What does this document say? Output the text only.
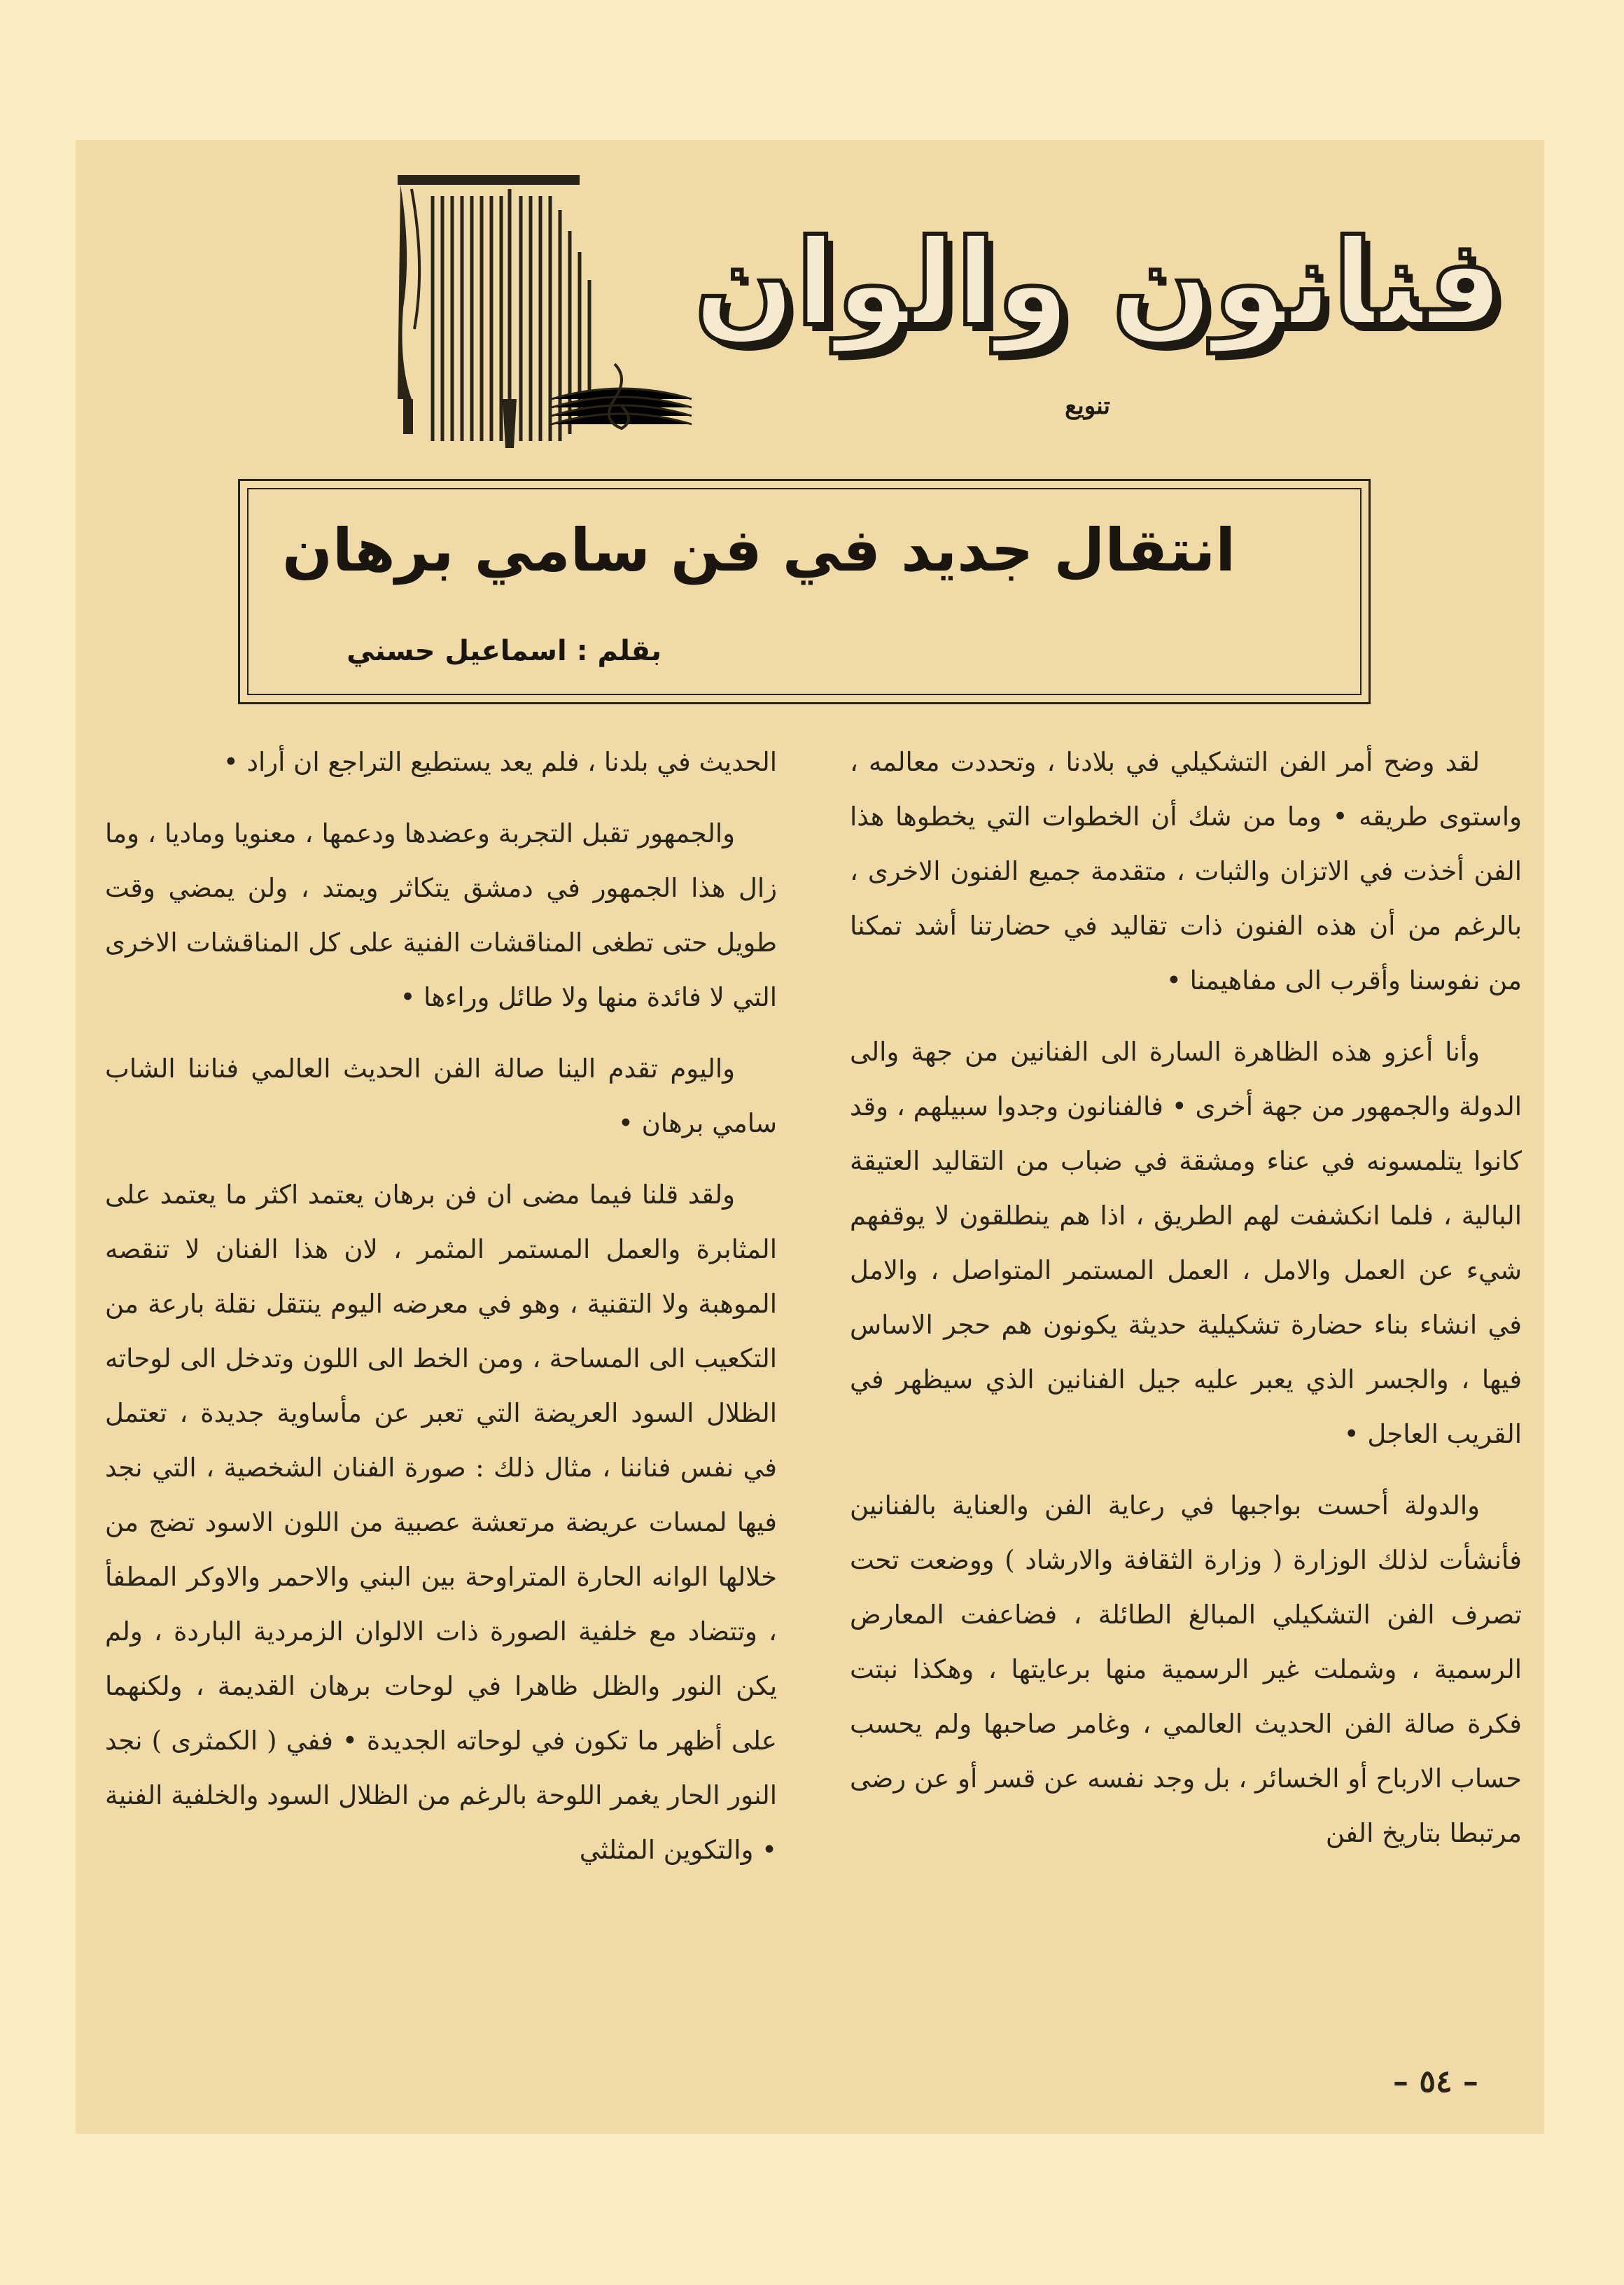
فنانون والوان
تنويع
انتقال جديد في فن سامي برهان
بقلم : اسماعيل حسني

لقد وضح أمر الفن التشكيلي في بلادنا ، وتحددت معالمه ، واستوى طريقه • وما من شك أن الخطوات التي يخطوها هذا الفن أخذت في الاتزان والثبات ، متقدمة جميع الفنون الاخرى ، بالرغم من أن هذه الفنون ذات تقاليد في حضارتنا أشد تمكنا من نفوسنا وأقرب الى مفاهيمنا •

وأنا أعزو هذه الظاهرة السارة الى الفنانين من جهة والى الدولة والجمهور من جهة أخرى • فالفنانون وجدوا سبيلهم ، وقد كانوا يتلمسونه في عناء ومشقة في ضباب من التقاليد العتيقة البالية ، فلما انكشفت لهم الطريق ، اذا هم ينطلقون لا يوقفهم شيء عن العمل والامل ، العمل المستمر المتواصل ، والامل في انشاء بناء حضارة تشكيلية حديثة يكونون هم حجر الاساس فيها ، والجسر الذي يعبر عليه جيل الفنانين الذي سيظهر في القريب العاجل •

والدولة أحست بواجبها في رعاية الفن والعناية بالفنانين فأنشأت لذلك الوزارة ( وزارة الثقافة والارشاد ) ووضعت تحت تصرف الفن التشكيلي المبالغ الطائلة ، فضاعفت المعارض الرسمية ، وشملت غير الرسمية منها برعايتها ، وهكذا نبتت فكرة صالة الفن الحديث العالمي ، وغامر صاحبها ولم يحسب حساب الارباح أو الخسائر ، بل وجد نفسه عن قسر أو عن رضى مرتبطا بتاريخ الفن

الحديث في بلدنا ، فلم يعد يستطيع التراجع ان أراد •

والجمهور تقبل التجربة وعضدها ودعمها ، معنويا وماديا ، وما زال هذا الجمهور في دمشق يتكاثر ويمتد ، ولن يمضي وقت طويل حتى تطغى المناقشات الفنية على كل المناقشات الاخرى التي لا فائدة منها ولا طائل وراءها •

واليوم تقدم الينا صالة الفن الحديث العالمي فناننا الشاب سامي برهان •

ولقد قلنا فيما مضى ان فن برهان يعتمد اكثر ما يعتمد على المثابرة والعمل المستمر المثمر ، لان هذا الفنان لا تنقصه الموهبة ولا التقنية ، وهو في معرضه اليوم ينتقل نقلة بارعة من التكعيب الى المساحة ، ومن الخط الى اللون وتدخل الى لوحاته الظلال السود العريضة التي تعبر عن مأساوية جديدة ، تعتمل في نفس فناننا ، مثال ذلك : صورة الفنان الشخصية ، التي نجد فيها لمسات عريضة مرتعشة عصبية من اللون الاسود تضج من خلالها الوانه الحارة المتراوحة بين البني والاحمر والاوكر المطفأ ، وتتضاد مع خلفية الصورة ذات الالوان الزمردية الباردة ، ولم يكن النور والظل ظاهرا في لوحات برهان القديمة ، ولكنهما على أظهر ما تكون في لوحاته الجديدة • ففي ( الكمثرى ) نجد النور الحار يغمر اللوحة بالرغم من الظلال السود والخلفية الفنية • والتكوين المثلثي

– ٥٤ –
